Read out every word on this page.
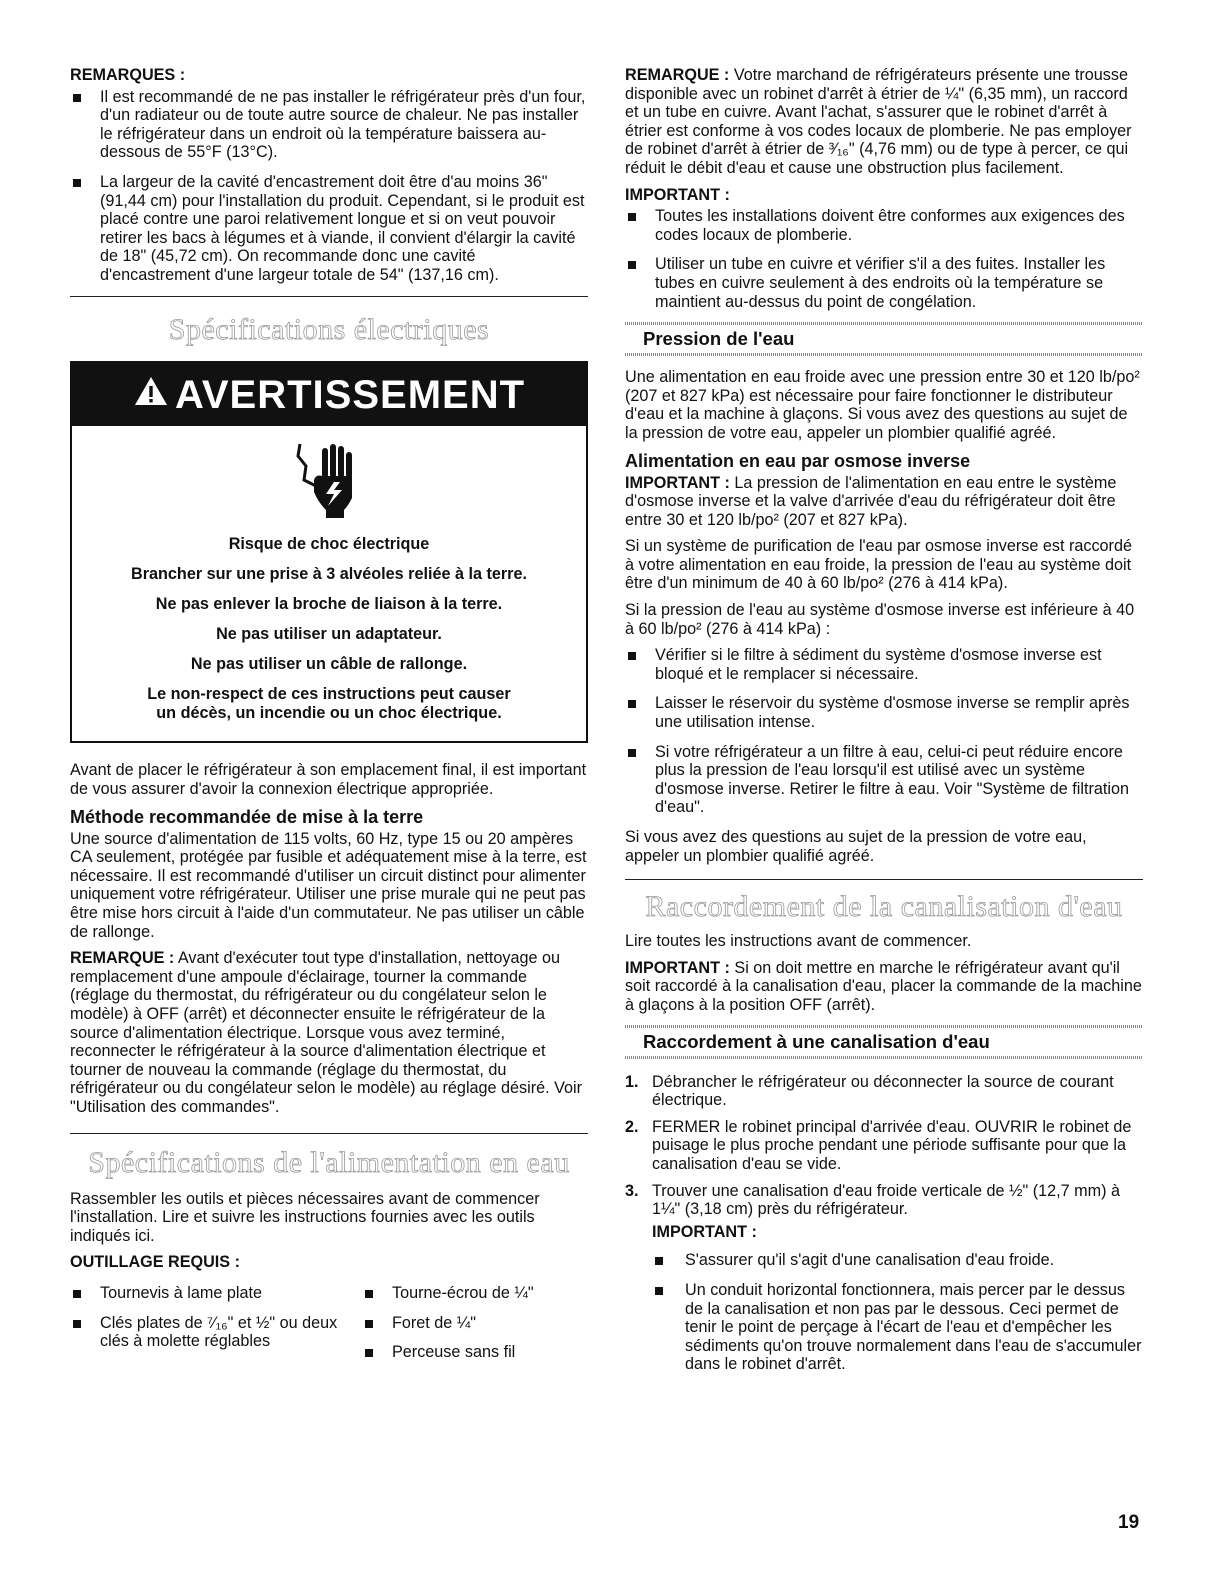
REMARQUES :
Il est recommandé de ne pas installer le réfrigérateur près d'un four, d'un radiateur ou de toute autre source de chaleur. Ne pas installer le réfrigérateur dans un endroit où la température baissera au-dessous de 55°F (13°C).
La largeur de la cavité d'encastrement doit être d'au moins 36" (91,44 cm) pour l'installation du produit. Cependant, si le produit est placé contre une paroi relativement longue et si on veut pouvoir retirer les bacs à légumes et à viande, il convient d'élargir la cavité de 18" (45,72 cm). On recommande donc une cavité d'encastrement d'une largeur totale de 54" (137,16 cm).
Spécifications électriques
AVERTISSEMENT
Risque de choc électrique
Brancher sur une prise à 3 alvéoles reliée à la terre.
Ne pas enlever la broche de liaison à la terre.
Ne pas utiliser un adaptateur.
Ne pas utiliser un câble de rallonge.
Le non-respect de ces instructions peut causer
un décès, un incendie ou un choc électrique.

Avant de placer le réfrigérateur à son emplacement final, il est important de vous assurer d'avoir la connexion électrique appropriée.

Méthode recommandée de mise à la terre

Une source d'alimentation de 115 volts, 60 Hz, type 15 ou 20 ampères CA seulement, protégée par fusible et adéquatement mise à la terre, est nécessaire. Il est recommandé d'utiliser un circuit distinct pour alimenter uniquement votre réfrigérateur. Utiliser une prise murale qui ne peut pas être mise hors circuit à l'aide d'un commutateur. Ne pas utiliser un câble de rallonge.

REMARQUE : Avant d'exécuter tout type d'installation, nettoyage ou remplacement d'une ampoule d'éclairage, tourner la commande (réglage du thermostat, du réfrigérateur ou du congélateur selon le modèle) à OFF (arrêt) et déconnecter ensuite le réfrigérateur de la source d'alimentation électrique. Lorsque vous avez terminé, reconnecter le réfrigérateur à la source d'alimentation électrique et tourner de nouveau la commande (réglage du thermostat, du réfrigérateur ou du congélateur selon le modèle) au réglage désiré. Voir "Utilisation des commandes".

Spécifications de l'alimentation en eau

Rassembler les outils et pièces nécessaires avant de commencer l'installation. Lire et suivre les instructions fournies avec les outils indiqués ici.

OUTILLAGE REQUIS :
Tournevis à lame plate
Clés plates de ⁷⁄₁₆" et ½" ou deux clés à molette réglables
Tourne-écrou de ¼"
Foret de ¼"
Perceuse sans fil

REMARQUE : Votre marchand de réfrigérateurs présente une trousse disponible avec un robinet d'arrêt à étrier de ¼" (6,35 mm), un raccord et un tube en cuivre. Avant l'achat, s'assurer que le robinet d'arrêt à étrier est conforme à vos codes locaux de plomberie. Ne pas employer de robinet d'arrêt à étrier de ³⁄₁₆" (4,76 mm) ou de type à percer, ce qui réduit le débit d'eau et cause une obstruction plus facilement.

IMPORTANT :
Toutes les installations doivent être conformes aux exigences des codes locaux de plomberie.
Utiliser un tube en cuivre et vérifier s'il a des fuites. Installer les tubes en cuivre seulement à des endroits où la température se maintient au-dessus du point de congélation.
Pression de l'eau

Une alimentation en eau froide avec une pression entre 30 et 120 lb/po² (207 et 827 kPa) est nécessaire pour faire fonctionner le distributeur d'eau et la machine à glaçons. Si vous avez des questions au sujet de la pression de votre eau, appeler un plombier qualifié agréé.

Alimentation en eau par osmose inverse

IMPORTANT : La pression de l'alimentation en eau entre le système d'osmose inverse et la valve d'arrivée d'eau du réfrigérateur doit être entre 30 et 120 lb/po² (207 et 827 kPa).

Si un système de purification de l'eau par osmose inverse est raccordé à votre alimentation en eau froide, la pression de l'eau au système doit être d'un minimum de 40 à 60 lb/po² (276 à 414 kPa).

Si la pression de l'eau au système d'osmose inverse est inférieure à 40 à 60 lb/po² (276 à 414 kPa) :

Vérifier si le filtre à sédiment du système d'osmose inverse est bloqué et le remplacer si nécessaire.
Laisser le réservoir du système d'osmose inverse se remplir après une utilisation intense.
Si votre réfrigérateur a un filtre à eau, celui-ci peut réduire encore plus la pression de l'eau lorsqu'il est utilisé avec un système d'osmose inverse. Retirer le filtre à eau. Voir "Système de filtration d'eau".

Si vous avez des questions au sujet de la pression de votre eau, appeler un plombier qualifié agréé.

Raccordement de la canalisation d'eau

Lire toutes les instructions avant de commencer.

IMPORTANT : Si on doit mettre en marche le réfrigérateur avant qu'il soit raccordé à la canalisation d'eau, placer la commande de la machine à glaçons à la position OFF (arrêt).

Raccordement à une canalisation d'eau
1. Débrancher le réfrigérateur ou déconnecter la source de courant électrique.
2. FERMER le robinet principal d'arrivée d'eau. OUVRIR le robinet de puisage le plus proche pendant une période suffisante pour que la canalisation d'eau se vide.
3. Trouver une canalisation d'eau froide verticale de ½" (12,7 mm) à 1¼" (3,18 cm) près du réfrigérateur.
IMPORTANT :
S'assurer qu'il s'agit d'une canalisation d'eau froide.
Un conduit horizontal fonctionnera, mais percer par le dessus de la canalisation et non pas par le dessous. Ceci permet de tenir le point de perçage à l'écart de l'eau et d'empêcher les sédiments qu'on trouve normalement dans l'eau de s'accumuler dans le robinet d'arrêt.
19
